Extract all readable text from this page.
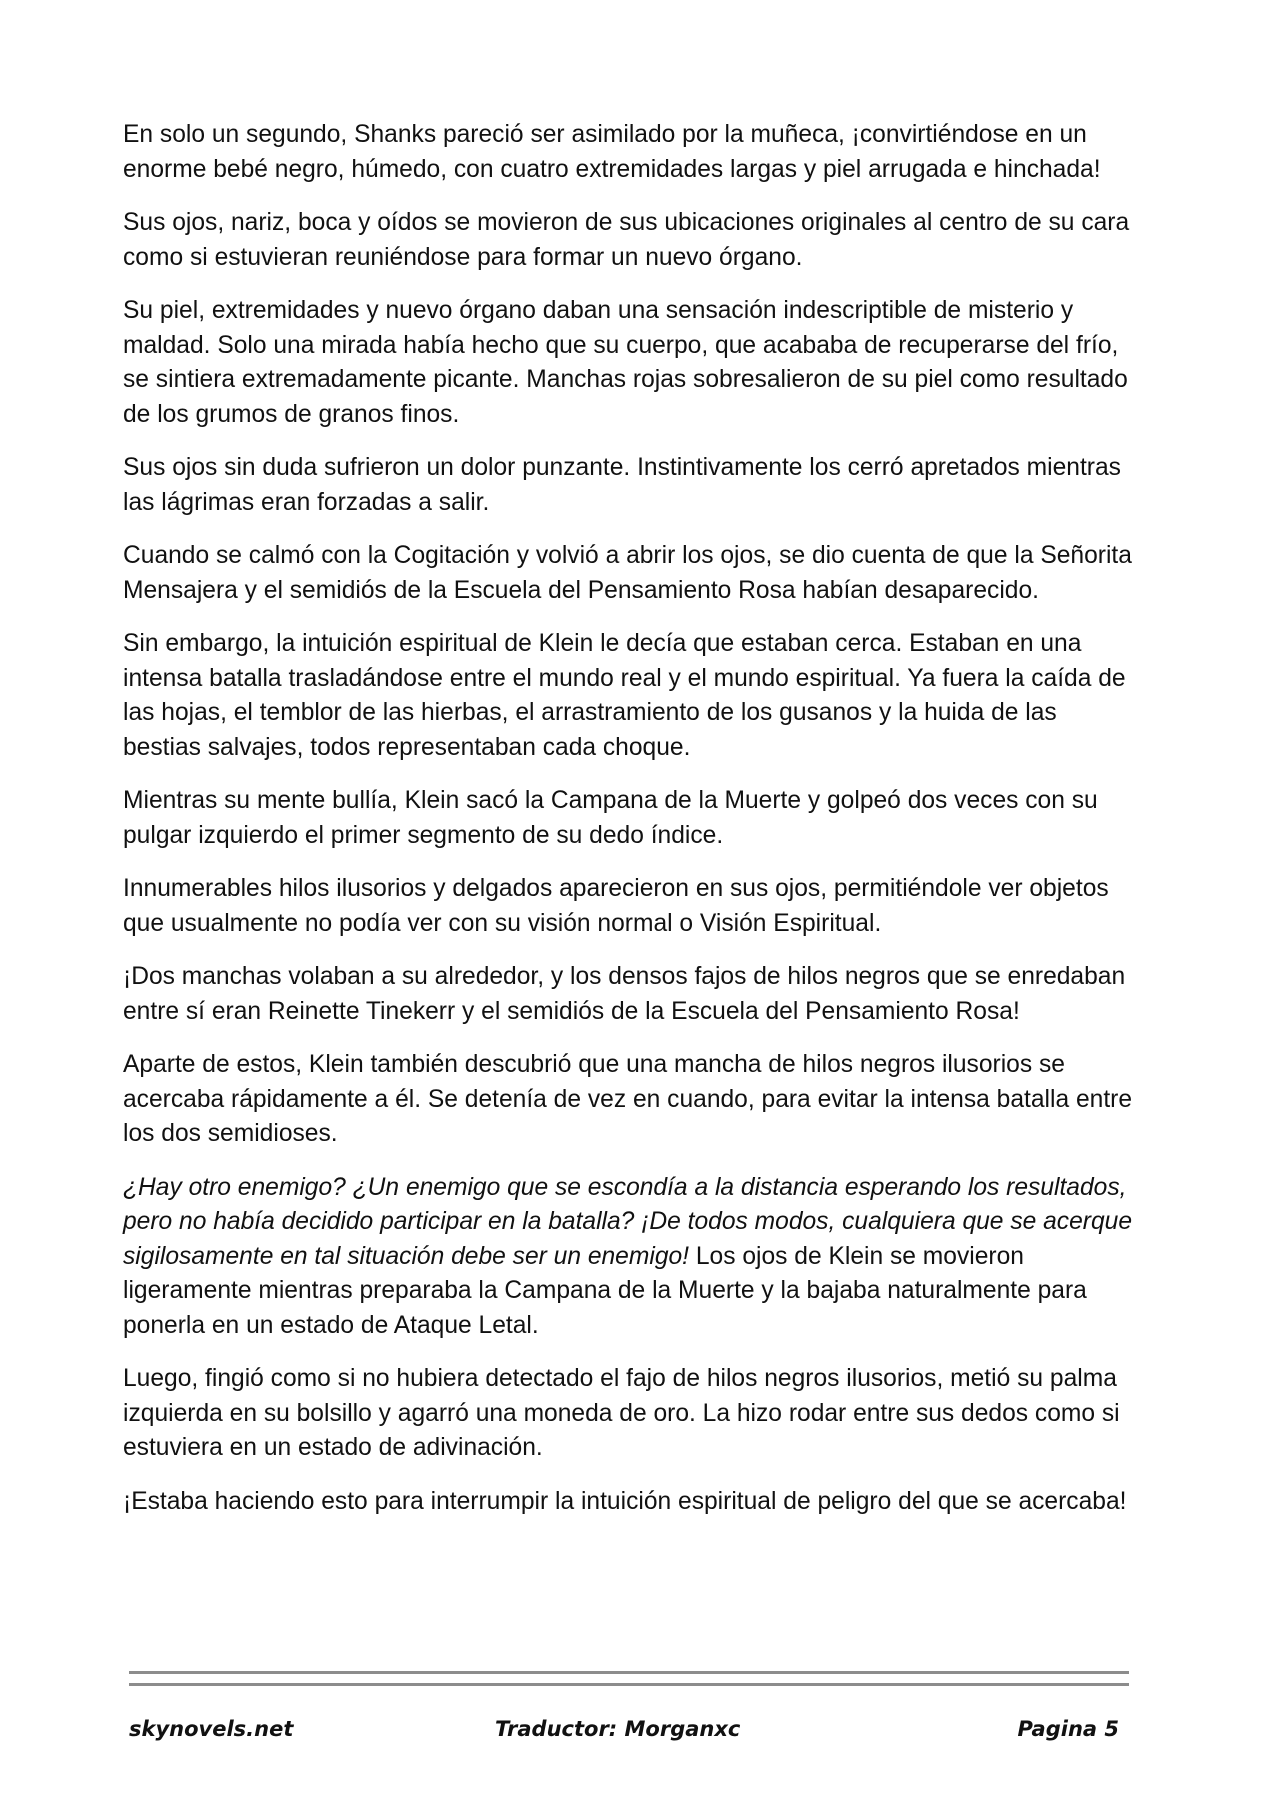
En solo un segundo, Shanks pareció ser asimilado por la muñeca, ¡convirtiéndose en un enorme bebé negro, húmedo, con cuatro extremidades largas y piel arrugada e hinchada!

Sus ojos, nariz, boca y oídos se movieron de sus ubicaciones originales al centro de su cara como si estuvieran reuniéndose para formar un nuevo órgano.

Su piel, extremidades y nuevo órgano daban una sensación indescriptible de misterio y maldad. Solo una mirada había hecho que su cuerpo, que acababa de recuperarse del frío, se sintiera extremadamente picante. Manchas rojas sobresalieron de su piel como resultado de los grumos de granos finos.

Sus ojos sin duda sufrieron un dolor punzante. Instintivamente los cerró apretados mientras las lágrimas eran forzadas a salir.

Cuando se calmó con la Cogitación y volvió a abrir los ojos, se dio cuenta de que la Señorita Mensajera y el semidiós de la Escuela del Pensamiento Rosa habían desaparecido.

Sin embargo, la intuición espiritual de Klein le decía que estaban cerca. Estaban en una intensa batalla trasladándose entre el mundo real y el mundo espiritual. Ya fuera la caída de las hojas, el temblor de las hierbas, el arrastramiento de los gusanos y la huida de las bestias salvajes, todos representaban cada choque.

Mientras su mente bullía, Klein sacó la Campana de la Muerte y golpeó dos veces con su pulgar izquierdo el primer segmento de su dedo índice.

Innumerables hilos ilusorios y delgados aparecieron en sus ojos, permitiéndole ver objetos que usualmente no podía ver con su visión normal o Visión Espiritual.

¡Dos manchas volaban a su alrededor, y los densos fajos de hilos negros que se enredaban entre sí eran Reinette Tinekerr y el semidiós de la Escuela del Pensamiento Rosa!

Aparte de estos, Klein también descubrió que una mancha de hilos negros ilusorios se acercaba rápidamente a él. Se detenía de vez en cuando, para evitar la intensa batalla entre los dos semidioses.

¿Hay otro enemigo? ¿Un enemigo que se escondía a la distancia esperando los resultados, pero no había decidido participar en la batalla? ¡De todos modos, cualquiera que se acerque sigilosamente en tal situación debe ser un enemigo! Los ojos de Klein se movieron ligeramente mientras preparaba la Campana de la Muerte y la bajaba naturalmente para ponerla en un estado de Ataque Letal.

Luego, fingió como si no hubiera detectado el fajo de hilos negros ilusorios, metió su palma izquierda en su bolsillo y agarró una moneda de oro. La hizo rodar entre sus dedos como si estuviera en un estado de adivinación.

¡Estaba haciendo esto para interrumpir la intuición espiritual de peligro del que se acercaba!

skynovels.net	Traductor: Morganxc	Pagina 5
